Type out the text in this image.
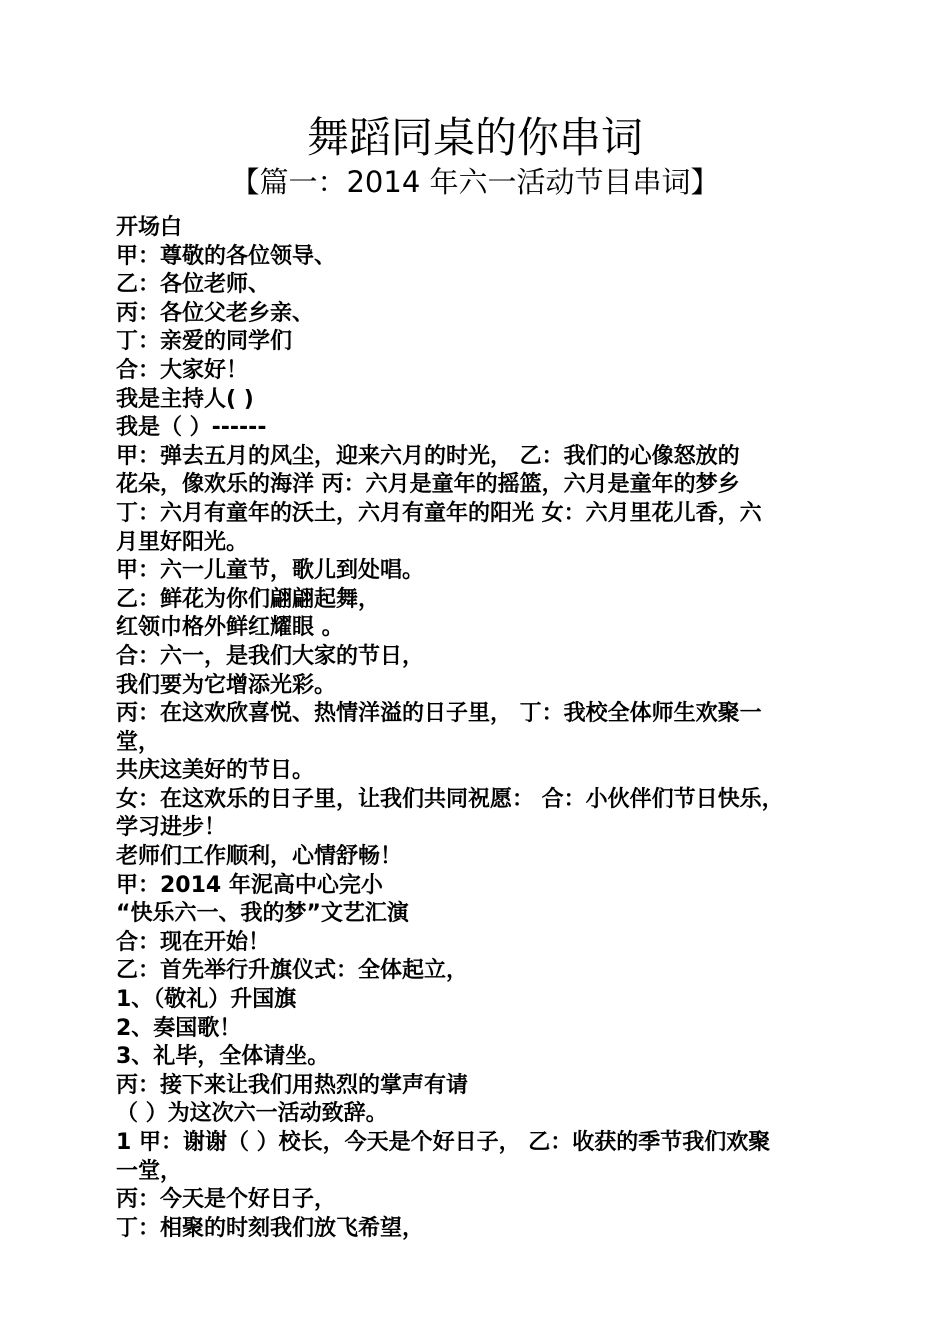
舞蹈同桌的你串词
【篇一：2014 年六一活动节目串词】
开场白
甲：尊敬的各位领导、
乙：各位老师、
丙：各位父老乡亲、
丁：亲爱的同学们
合：大家好！
我是主持人( )
我是（ ）------
甲：弹去五月的风尘，迎来六月的时光， 乙：我们的心像怒放的
花朵，像欢乐的海洋 丙：六月是童年的摇篮，六月是童年的梦乡
丁：六月有童年的沃土，六月有童年的阳光 女：六月里花儿香，六
月里好阳光。
甲：六一儿童节，歌儿到处唱。
乙：鲜花为你们翩翩起舞，
红领巾格外鲜红耀眼 。
合：六一，是我们大家的节日，
我们要为它增添光彩。
丙：在这欢欣喜悦、热情洋溢的日子里， 丁：我校全体师生欢聚一
堂，
共庆这美好的节日。
女：在这欢乐的日子里，让我们共同祝愿： 合：小伙伴们节日快乐，
学习进步！
老师们工作顺利，心情舒畅！
甲：2014 年泥高中心完小
“快乐六一、我的梦”文艺汇演
合：现在开始！
乙：首先举行升旗仪式：全体起立，
1、（敬礼）升国旗
2、奏国歌！
3、礼毕，全体请坐。
丙：接下来让我们用热烈的掌声有请
（ ）为这次六一活动致辞。
1 甲：谢谢（ ）校长，今天是个好日子， 乙：收获的季节我们欢聚
一堂，
丙：今天是个好日子，
丁：相聚的时刻我们放飞希望，
